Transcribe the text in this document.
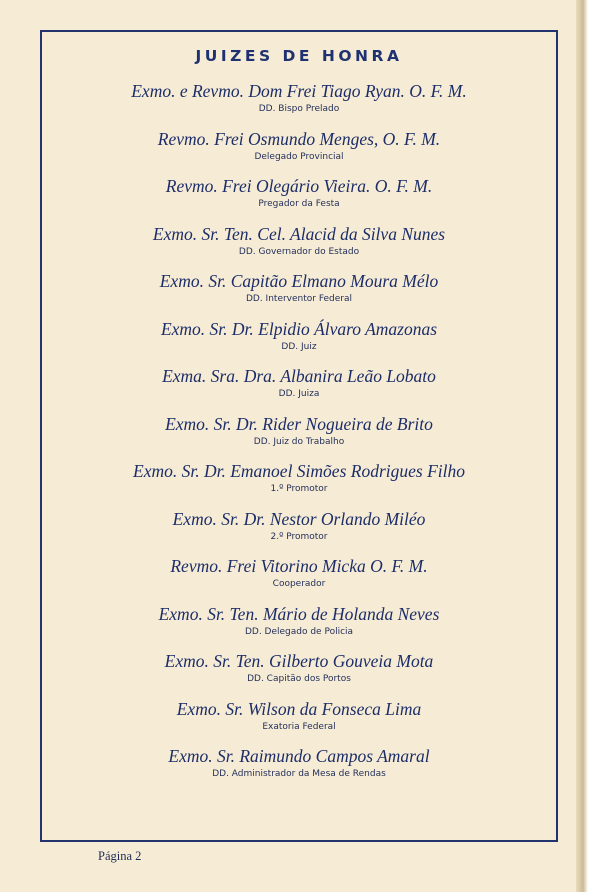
JUIZES DE HONRA
Exmo. e Revmo. Dom Frei Tiago Ryan. O. F. M.
DD. Bispo Prelado
Revmo. Frei Osmundo Menges, O. F. M.
Delegado Provincial
Revmo. Frei Olegário Vieira. O. F. M.
Pregador da Festa
Exmo. Sr. Ten. Cel. Alacid da Silva Nunes
DD. Governador do Estado
Exmo. Sr. Capitão Elmano Moura Mélo
DD. Interventor Federal
Exmo. Sr. Dr. Elpidio Álvaro Amazonas
DD. Juiz
Exma. Sra. Dra. Albanira Leão Lobato
DD. Juiza
Exmo. Sr. Dr. Rider Nogueira de Brito
DD. Juiz do Trabalho
Exmo. Sr. Dr. Emanoel Simões Rodrigues Filho
1.º Promotor
Exmo. Sr. Dr. Nestor Orlando Miléo
2.º Promotor
Revmo. Frei Vitorino Micka O. F. M.
Cooperador
Exmo. Sr. Ten. Mário de Holanda Neves
DD. Delegado de Policia
Exmo. Sr. Ten. Gilberto Gouveia Mota
DD. Capitão dos Portos
Exmo. Sr. Wilson da Fonseca Lima
Exatoria Federal
Exmo. Sr. Raimundo Campos Amaral
DD. Administrador da Mesa de Rendas
Página 2
